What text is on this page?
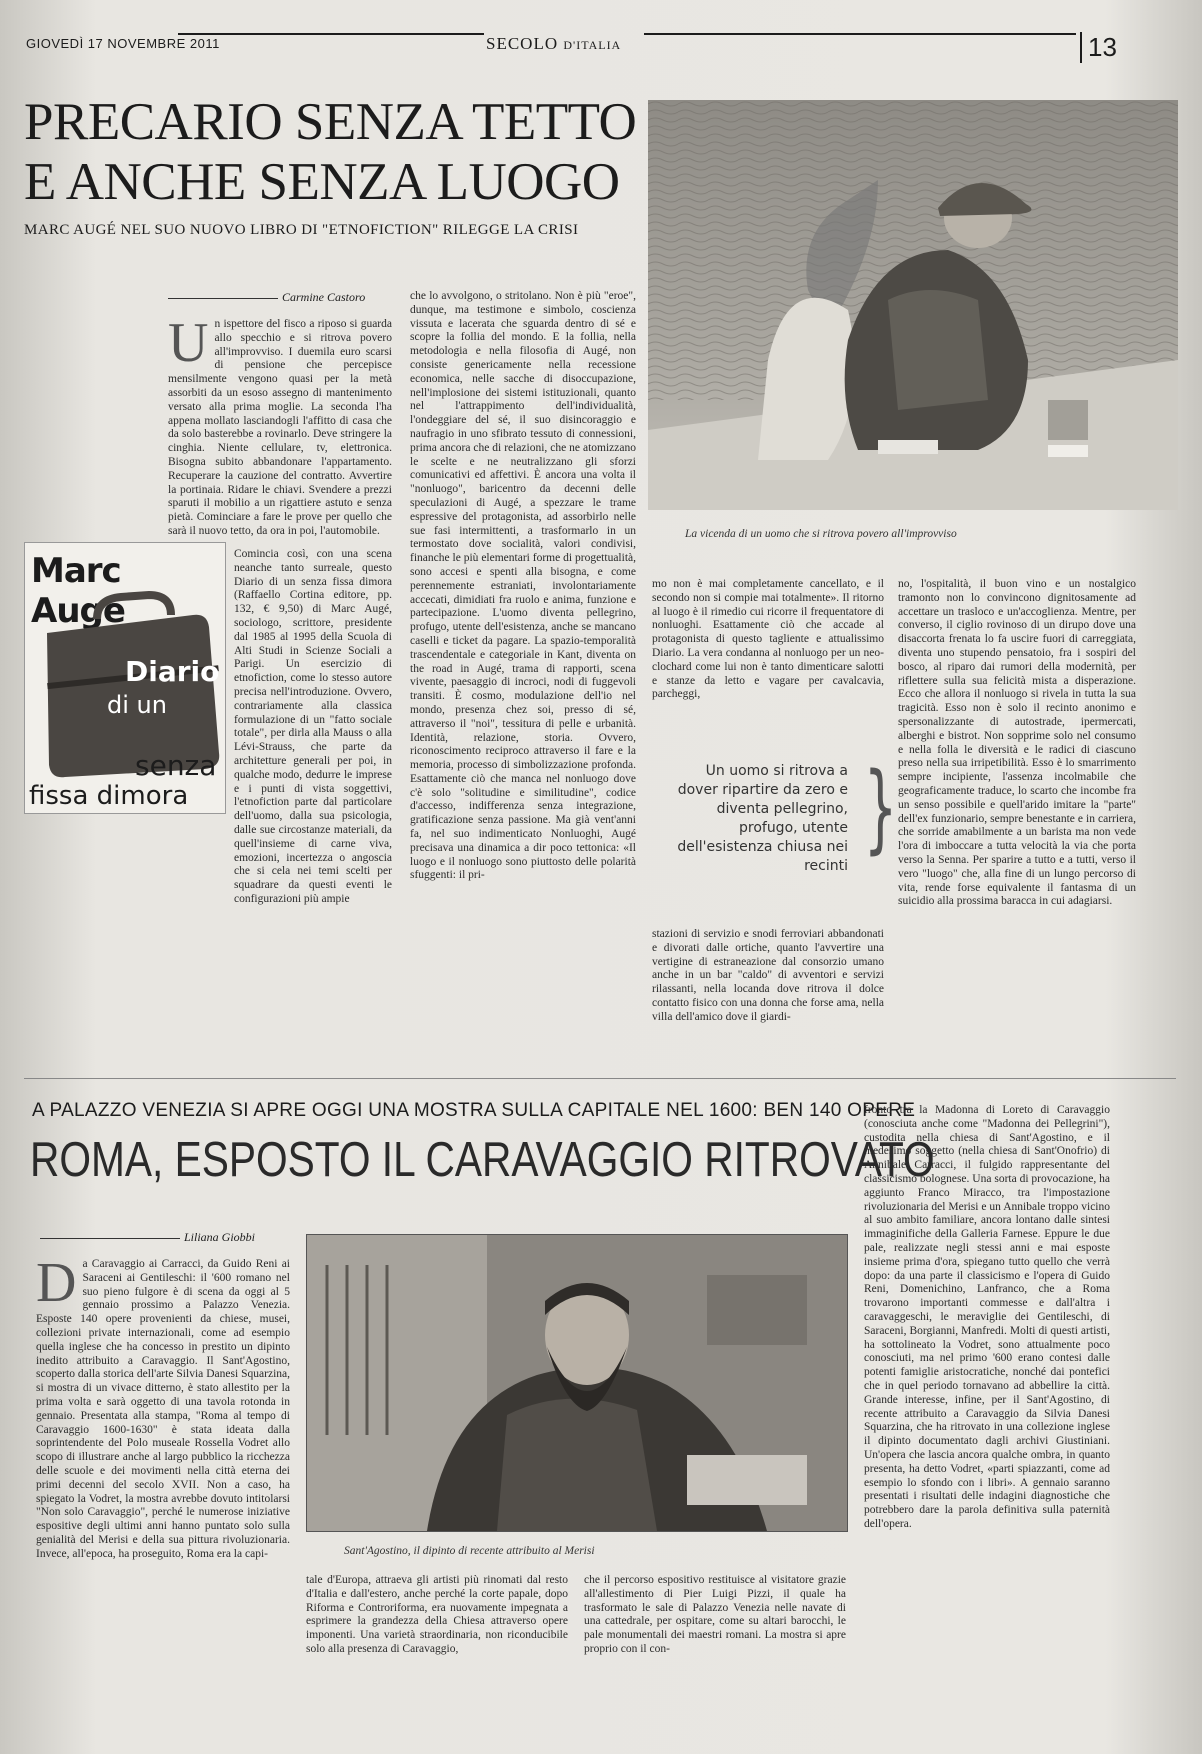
GIOVEDÌ 17 NOVEMBRE 2011	SECOLO D'ITALIA	13
PRECARIO SENZA TETTO
E ANCHE SENZA LUOGO
MARC AUGÉ NEL SUO NUOVO LIBRO DI "ETNOFICTION" RILEGGE LA CRISI
La vicenda di un uomo che si ritrova povero all'improvviso
Carmine Castoro
Un ispettore del fisco a riposo si guarda allo specchio e si ritrova povero all'improvviso. I duemila euro scarsi di pensione che percepisce mensilmente vengono quasi per la metà assorbiti da un esoso assegno di mantenimento versato alla prima moglie. La seconda l'ha appena mollato lasciandogli l'affitto di casa che da solo basterebbe a rovinarlo. Deve stringere la cinghia. Niente cellulare, tv, elettronica. Bisogna subito abbandonare l'appartamento. Recuperare la cauzione del contratto. Avvertire la portinaia. Ridare le chiavi. Svendere a prezzi sparuti il mobilio a un rigattiere astuto e senza pietà. Cominciare a fare le prove per quello che sarà il nuovo tetto, da ora in poi, l'automobile.
Marc Augé
Diario
di un
senza
fissa dimora
Comincia così, con una scena neanche tanto surreale, questo Diario di un senza fissa dimora (Raffaello Cortina editore, pp. 132, € 9,50) di Marc Augé, sociologo, scrittore, presidente dal 1985 al 1995 della Scuola di Alti Studi in Scienze Sociali a Parigi. Un esercizio di etnofiction, come lo stesso autore precisa nell'introduzione. Ovvero, contrariamente alla classica formulazione di un "fatto sociale totale", per dirla alla Mauss o alla Lévi-Strauss, che parte da architetture generali per poi, in qualche modo, dedurre le imprese e i punti di vista soggettivi, l'etnofiction parte dal particolare dell'uomo, dalla sua psicologia, dalle sue circostanze materiali, da quell'insieme di carne viva, emozioni, incertezza o angoscia che si cela nei temi scelti per squadrare da questi eventi le configurazioni più ampie
che lo avvolgono, o stritolano. Non è più "eroe", dunque, ma testimone e simbolo, coscienza vissuta e lacerata che sguarda dentro di sé e scopre la follia del mondo. E la follia, nella metodologia e nella filosofia di Augé, non consiste genericamente nella recessione economica, nelle sacche di disoccupazione, nell'implosione dei sistemi istituzionali, quanto nel l'attrappimento dell'individualità, l'ondeggiare del sé, il suo disincoraggio e naufragio in uno sfibrato tessuto di connessioni, prima ancora che di relazioni, che ne atomizzano le scelte e ne neutralizzano gli sforzi comunicativi ed affettivi. È ancora una volta il "nonluogo", baricentro da decenni delle speculazioni di Augé, a spezzare le trame espressive del protagonista, ad assorbirlo nelle sue fasi intermittenti, a trasformarlo in un termostato dove socialità, valori condivisi, finanche le più elementari forme di progettualità, sono accesi e spenti alla bisogna, e come perennemente estraniati, involontariamente accecati, dimidiati fra ruolo e anima, funzione e partecipazione. L'uomo diventa pellegrino, profugo, utente dell'esistenza, anche se mancano caselli e ticket da pagare. La spazio-temporalità trascendentale e categoriale in Kant, diventa on the road in Augé, trama di rapporti, scena vivente, paesaggio di incroci, nodi di fuggevoli transiti. È cosmo, modulazione dell'io nel mondo, presenza chez soi, presso di sé, attraverso il "noi", tessitura di pelle e urbanità. Identità, relazione, storia. Ovvero, riconoscimento reciproco attraverso il fare e la memoria, processo di simbolizzazione profonda. Esattamente ciò che manca nel nonluogo dove c'è solo "solitudine e similitudine", codice d'accesso, indifferenza senza integrazione, gratificazione senza passione. Ma già vent'anni fa, nel suo indimenticato Nonluoghi, Augé precisava una dinamica a dir poco tettonica: «Il luogo e il nonluogo sono piuttosto delle polarità sfuggenti: il pri-
mo non è mai completamente cancellato, e il secondo non si compie mai totalmente». Il ritorno al luogo è il rimedio cui ricorre il frequentatore di nonluoghi. Esattamente ciò che accade al protagonista di questo tagliente e attualissimo Diario. La vera condanna al nonluogo per un neo-clochard come lui non è tanto dimenticare salotti e stanze da letto e vagare per cavalcavia, parcheggi,
Un uomo si ritrova a dover ripartire da zero e diventa pellegrino, profugo, utente dell'esistenza chiusa nei recinti
}
stazioni di servizio e snodi ferroviari abbandonati e divorati dalle ortiche, quanto l'avvertire una vertigine di estraneazione dal consorzio umano anche in un bar "caldo" di avventori e servizi rilassanti, nella locanda dove ritrova il dolce contatto fisico con una donna che forse ama, nella villa dell'amico dove il giardi-
no, l'ospitalità, il buon vino e un nostalgico tramonto non lo convincono dignitosamente ad accettare un trasloco e un'accoglienza. Mentre, per converso, il ciglio rovinoso di un dirupo dove una disaccorta frenata lo fa uscire fuori di carreggiata, diventa uno stupendo pensatoio, fra i sospiri del bosco, al riparo dai rumori della modernità, per riflettere sulla sua felicità mista a disperazione. Ecco che allora il nonluogo si rivela in tutta la sua tragicità. Esso non è solo il recinto anonimo e spersonalizzante di autostrade, ipermercati, alberghi e bistrot. Non sopprime solo nel consumo e nella folla le diversità e le radici di ciascuno preso nella sua irripetibilità. Esso è lo smarrimento sempre incipiente, l'assenza incolmabile che geograficamente traduce, lo scarto che incombe fra un senso possibile e quell'arido imitare la "parte" dell'ex funzionario, sempre benestante e in carriera, che sorride amabilmente a un barista ma non vede l'ora di imboccare a tutta velocità la via che porta verso la Senna. Per sparire a tutto e a tutti, verso il vero "luogo" che, alla fine di un lungo percorso di vita, rende forse equivalente il fantasma di un suicidio alla prossima baracca in cui adagiarsi.
A PALAZZO VENEZIA SI APRE OGGI UNA MOSTRA SULLA CAPITALE NEL 1600: BEN 140 OPERE
ROMA, ESPOSTO IL CARAVAGGIO RITROVATO
Liliana Giobbi
Da Caravaggio ai Carracci, da Guido Reni ai Saraceni ai Gentileschi: il '600 romano nel suo pieno fulgore è di scena da oggi al 5 gennaio prossimo a Palazzo Venezia. Esposte 140 opere provenienti da chiese, musei, collezioni private internazionali, come ad esempio quella inglese che ha concesso in prestito un dipinto inedito attribuito a Caravaggio. Il Sant'Agostino, scoperto dalla storica dell'arte Silvia Danesi Squarzina, si mostra di un vivace ditterno, è stato allestito per la prima volta e sarà oggetto di una tavola rotonda in gennaio. Presentata alla stampa, "Roma al tempo di Caravaggio 1600-1630" è stata ideata dalla soprintendente del Polo museale Rossella Vodret allo scopo di illustrare anche al largo pubblico la ricchezza delle scuole e dei movimenti nella città eterna dei primi decenni del secolo XVII. Non a caso, ha spiegato la Vodret, la mostra avrebbe dovuto intitolarsi "Non solo Caravaggio", perché le numerose iniziative espositive degli ultimi anni hanno puntato solo sulla genialità del Merisi e della sua pittura rivoluzionaria. Invece, all'epoca, ha proseguito, Roma era la capi-	Sant'Agostino, il dipinto di recente attribuito al Merisi
tale d'Europa, attraeva gli artisti più rinomati dal resto d'Italia e dall'estero, anche perché la corte papale, dopo Riforma e Controriforma, era nuovamente impegnata a esprimere la grandezza della Chiesa attraverso opere imponenti. Una varietà straordinaria, non riconducibile solo alla presenza di Caravaggio,
che il percorso espositivo restituisce al visitatore grazie all'allestimento di Pier Luigi Pizzi, il quale ha trasformato le sale di Palazzo Venezia nelle navate di una cattedrale, per ospitare, come su altari barocchi, le pale monumentali dei maestri romani. La mostra si apre proprio con il con-
fronto tra la Madonna di Loreto di Caravaggio (conosciuta anche come "Madonna dei Pellegrini"), custodita nella chiesa di Sant'Agostino, e il medesimo soggetto (nella chiesa di Sant'Onofrio) di Annibale Carracci, il fulgido rappresentante del classicismo bolognese. Una sorta di provocazione, ha aggiunto Franco Miracco, tra l'impostazione rivoluzionaria del Merisi e un Annibale troppo vicino al suo ambito familiare, ancora lontano dalle sintesi immaginifiche della Galleria Farnese. Eppure le due pale, realizzate negli stessi anni e mai esposte insieme prima d'ora, spiegano tutto quello che verrà dopo: da una parte il classicismo e l'opera di Guido Reni, Domenichino, Lanfranco, che a Roma trovarono importanti commesse e dall'altra i caravaggeschi, le meraviglie dei Gentileschi, di Saraceni, Borgianni, Manfredi. Molti di questi artisti, ha sottolineato la Vodret, sono attualmente poco conosciuti, ma nel primo '600 erano contesi dalle potenti famiglie aristocratiche, nonché dai pontefici che in quel periodo tornavano ad abbellire la città. Grande interesse, infine, per il Sant'Agostino, di recente attribuito a Caravaggio da Silvia Danesi Squarzina, che ha ritrovato in una collezione inglese il dipinto documentato dagli archivi Giustiniani. Un'opera che lascia ancora qualche ombra, in quanto presenta, ha detto Vodret, «parti spiazzanti, come ad esempio lo sfondo con i libri». A gennaio saranno presentati i risultati delle indagini diagnostiche che potrebbero dare la parola definitiva sulla paternità dell'opera.
